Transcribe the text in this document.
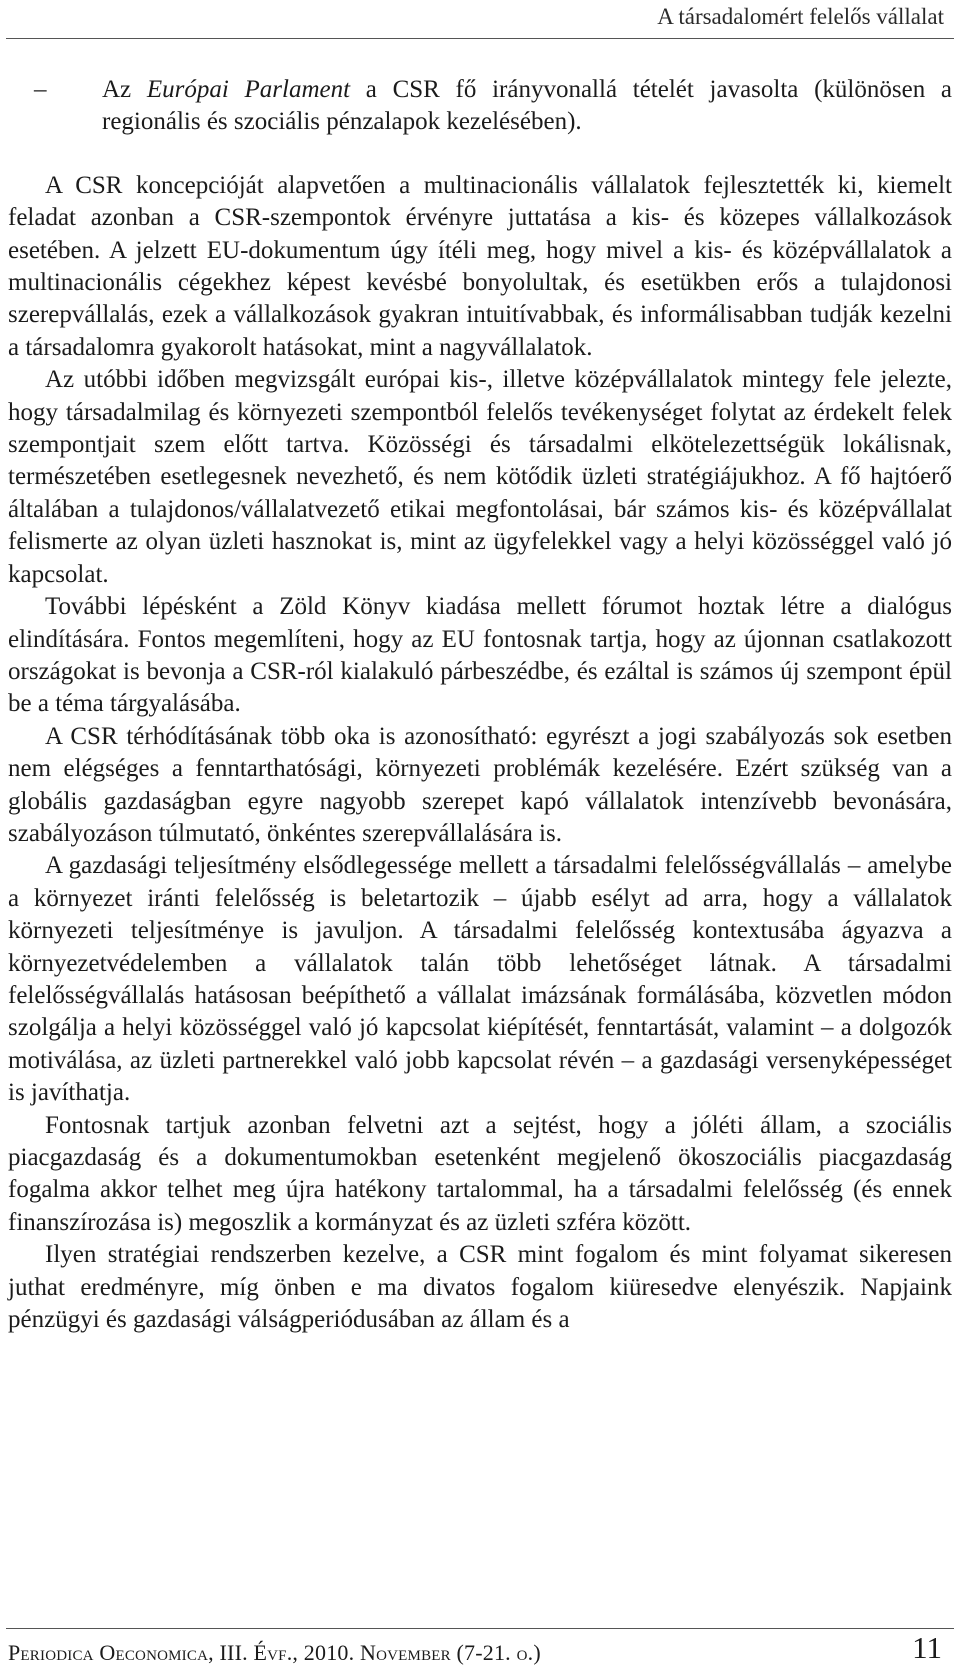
A társadalomért felelős vállalat
– Az Európai Parlament a CSR fő irányvonallá tételét javasolta (különösen a regionális és szociális pénzalapok kezelésében).

A CSR koncepcióját alapvetően a multinacionális vállalatok fejlesztették ki, kiemelt feladat azonban a CSR-szempontok érvényre juttatása a kis- és közepes vállalkozások esetében. A jelzett EU-dokumentum úgy ítéli meg, hogy mivel a kis- és középvállalatok a multinacionális cégekhez képest kevésbé bonyolultak, és esetükben erős a tulajdonosi szerepvállalás, ezek a vállalkozások gyakran intuitívabbak, és informálisabban tudják kezelni a társadalomra gyakorolt hatásokat, mint a nagyvállalatok.

Az utóbbi időben megvizsgált európai kis-, illetve középvállalatok mintegy fele jelezte, hogy társadalmilag és környezeti szempontból felelős tevékenységet folytat az érdekelt felek szempontjait szem előtt tartva. Közösségi és társadalmi elkötelezettségük lokálisnak, természetében esetlegesnek nevezhető, és nem kötődik üzleti stratégiájukhoz. A fő hajtóerő általában a tulajdonos/vállalatvezető etikai megfontolásai, bár számos kis- és középvállalat felismerte az olyan üzleti hasznokat is, mint az ügyfelekkel vagy a helyi közösséggel való jó kapcsolat.

További lépésként a Zöld Könyv kiadása mellett fórumot hoztak létre a dialógus elindítására. Fontos megemlíteni, hogy az EU fontosnak tartja, hogy az újonnan csatlakozott országokat is bevonja a CSR-ról kialakuló párbeszédbe, és ezáltal is számos új szempont épül be a téma tárgyalásába.

A CSR térhódításának több oka is azonosítható: egyrészt a jogi szabályozás sok esetben nem elégséges a fenntarthatósági, környezeti problémák kezelésére. Ezért szükség van a globális gazdaságban egyre nagyobb szerepet kapó vállalatok intenzívebb bevonására, szabályozáson túlmutató, önkéntes szerepvállalására is.

A gazdasági teljesítmény elsődlegessége mellett a társadalmi felelősségvállalás – amelybe a környezet iránti felelősség is beletartozik – újabb esélyt ad arra, hogy a vállalatok környezeti teljesítménye is javuljon. A társadalmi felelősség kontextusába ágyazva a környezetvédelemben a vállalatok talán több lehetőséget látnak. A társadalmi felelősségvállalás hatásosan beépíthető a vállalat imázsának formálásába, közvetlen módon szolgálja a helyi közösséggel való jó kapcsolat kiépítését, fenntartását, valamint – a dolgozók motiválása, az üzleti partnerekkel való jobb kapcsolat révén – a gazdasági versenyképességet is javíthatja.

Fontosnak tartjuk azonban felvetni azt a sejtést, hogy a jóléti állam, a szociális piacgazdaság és a dokumentumokban esetenként megjelenő ökoszociális piacgazdaság fogalma akkor telhet meg újra hatékony tartalommal, ha a társadalmi felelősség (és ennek finanszírozása is) megoszlik a kormányzat és az üzleti szféra között.

Ilyen stratégiai rendszerben kezelve, a CSR mint fogalom és mint folyamat sikeresen juthat eredményre, míg önben e ma divatos fogalom kiüresedve elenyészik. Napjaink pénzügyi és gazdasági válságperiódusában az állam és a

Periodica Oeconomica, III. Évf., 2010. November (7-21. o.)	11
